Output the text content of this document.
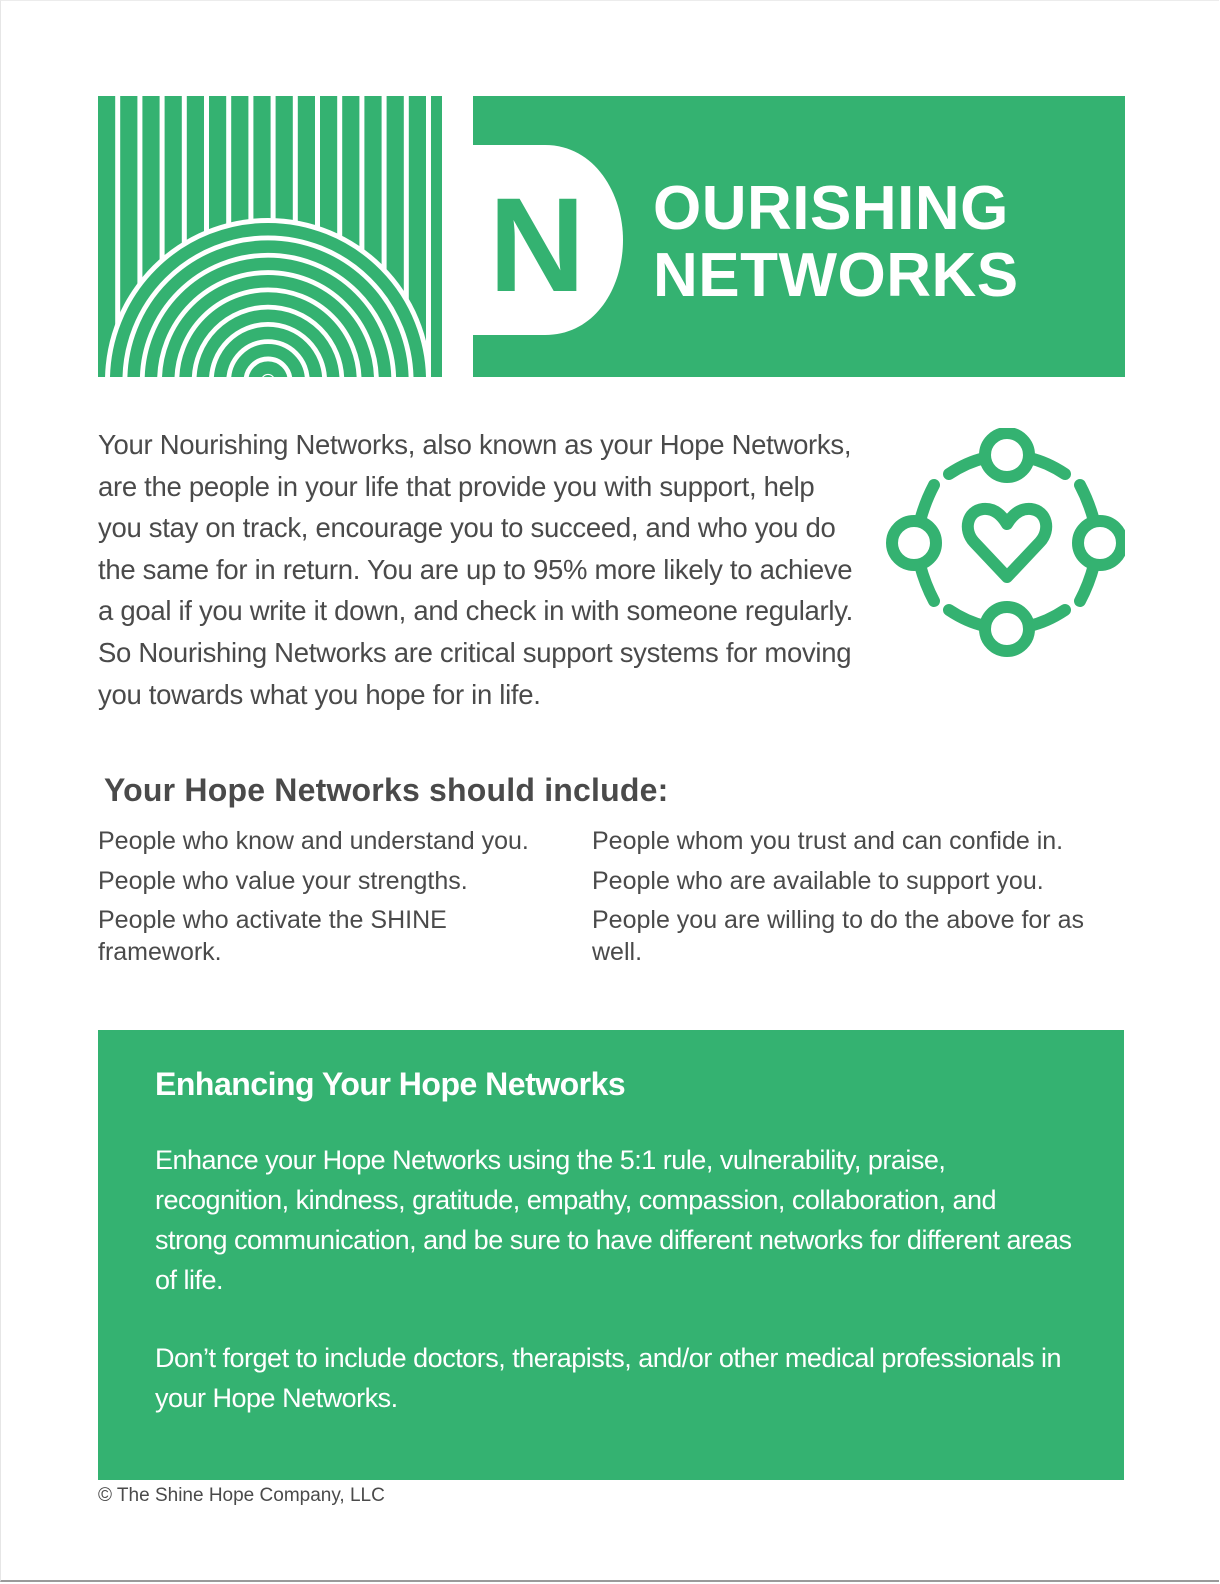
N OURISHING
NETWORKS

Your Nourishing Networks, also known as your Hope Networks, are the people in your life that provide you with support, help you stay on track, encourage you to succeed, and who you do the same for in return. You are up to 95% more likely to achieve a goal if you write it down, and check in with someone regularly. So Nourishing Networks are critical support systems for moving you towards what you hope for in life.

Your Hope Networks should include:
People who know and understand you.
People who value your strengths.
People who activate the SHINE framework.
People whom you trust and can confide in.
People who are available to support you.
People you are willing to do the above for as well.
Enhancing Your Hope Networks

Enhance your Hope Networks using the 5:1 rule, vulnerability, praise, recognition, kindness, gratitude, empathy, compassion, collaboration, and strong communication, and be sure to have different networks for different areas of life.

Don’t forget to include doctors, therapists, and/or other medical professionals in your Hope Networks.

© The Shine Hope Company, LLC
